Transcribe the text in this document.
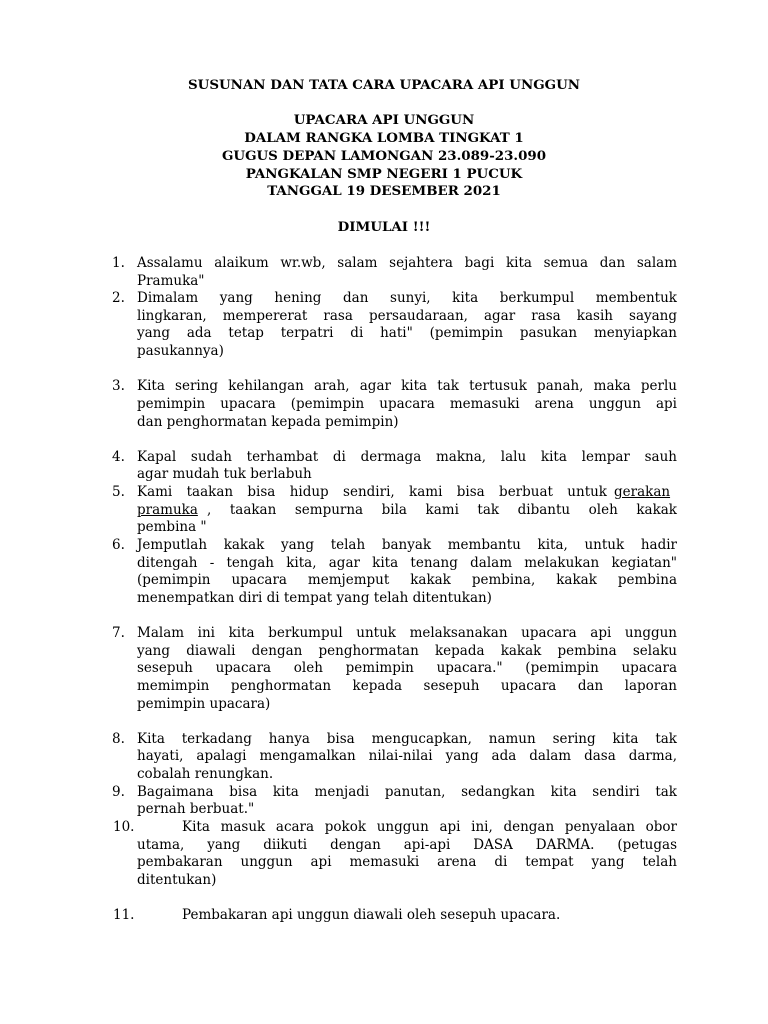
SUSUNAN DAN TATA CARA UPACARA API UNGGUN
UPACARA API UNGGUN
DALAM RANGKA LOMBA TINGKAT 1
GUGUS DEPAN LAMONGAN 23.089-23.090
PANGKALAN SMP NEGERI 1 PUCUK
TANGGAL 19 DESEMBER 2021
DIMULAI !!!
1. Assalamu alaikum wr.wb, salam sejahtera bagi kita semua dan salam
Pramuka"
2. Dimalam yang hening dan sunyi, kita berkumpul membentuk
lingkaran, mempererat rasa persaudaraan, agar rasa kasih sayang
yang ada tetap terpatri di hati" (pemimpin pasukan menyiapkan
pasukannya)
3. Kita sering kehilangan arah, agar kita tak tertusuk panah, maka perlu
pemimpin upacara (pemimpin upacara memasuki arena unggun api
dan penghormatan kepada pemimpin)
4. Kapal sudah terhambat di dermaga makna, lalu kita lempar sauh
agar mudah tuk berlabuh
5. Kami taakan bisa hidup sendiri, kami bisa berbuat untuk gerakan
pramuka , taakan sempurna bila kami tak dibantu oleh kakak
pembina "
6. Jemputlah kakak yang telah banyak membantu kita, untuk hadir
ditengah - tengah kita, agar kita tenang dalam melakukan kegiatan"
(pemimpin upacara memjemput kakak pembina, kakak pembina
menempatkan diri di tempat yang telah ditentukan)
7. Malam ini kita berkumpul untuk melaksanakan upacara api unggun
yang diawali dengan penghormatan kepada kakak pembina selaku
sesepuh upacara oleh pemimpin upacara." (pemimpin upacara
memimpin penghormatan kepada sesepuh upacara dan laporan
pemimpin upacara)
8. Kita terkadang hanya bisa mengucapkan, namun sering kita tak
hayati, apalagi mengamalkan nilai-nilai yang ada dalam dasa darma,
cobalah renungkan.
9. Bagaimana bisa kita menjadi panutan, sedangkan kita sendiri tak
pernah berbuat."
10.	Kita masuk acara pokok unggun api ini, dengan penyalaan obor
utama, yang diikuti dengan api-api DASA DARMA. (petugas
pembakaran unggun api memasuki arena di tempat yang telah
ditentukan)
11.	Pembakaran api unggun diawali oleh sesepuh upacara.
